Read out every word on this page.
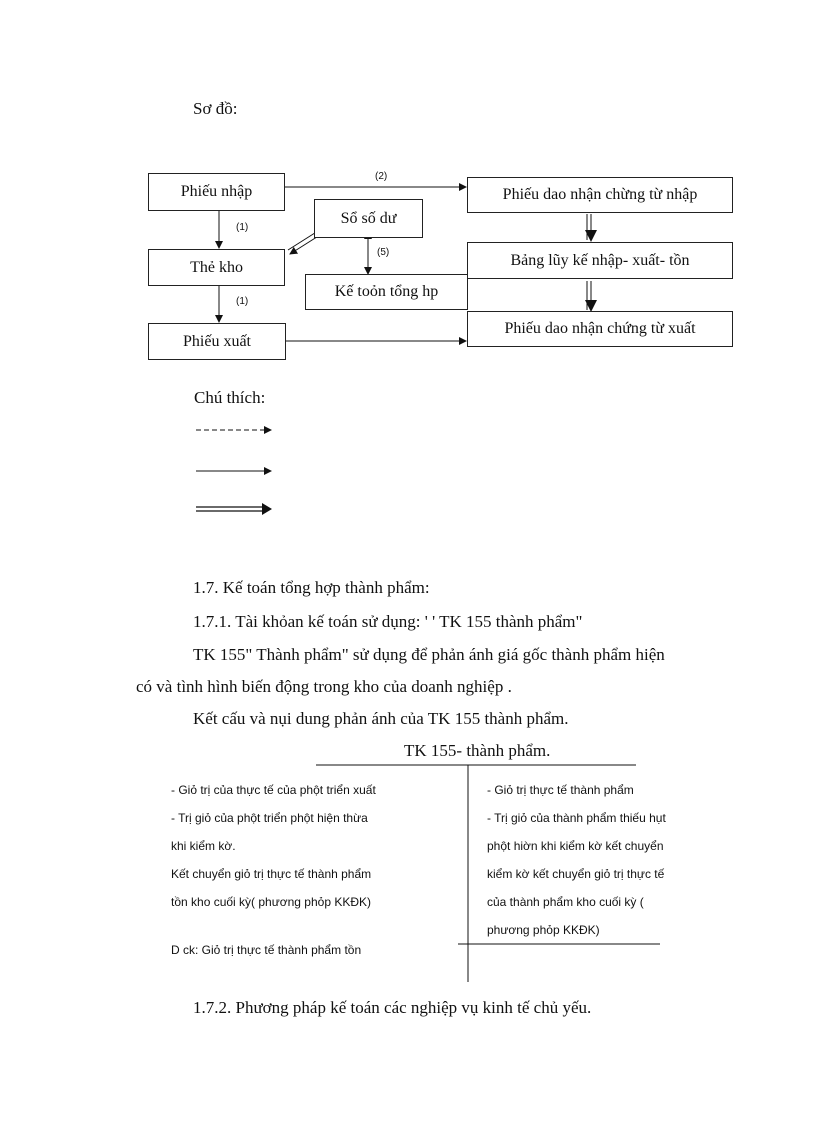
Sơ đồ:
Phiếu nhập
Thẻ kho
Phiếu xuất
Sổ số dư
Kế toỏn tổng hp
Phiếu dao nhận chừng từ nhập
Bảng lũy kế nhập- xuất- tồn
Phiếu dao nhận chứng từ xuất
(2)
(1)
(1)
(5)
Chú thích:
1.7. Kế toán tổng hợp thành phẩm:
1.7.1. Tài khỏan kế toán sử dụng: ' ' TK 155 thành phẩm"
TK 155" Thành phẩm" sử dụng để phản ánh giá gốc thành phẩm hiện
có và tình hình biến động trong kho của doanh nghiệp .
Kết cấu và nụi dung phản ánh của TK 155 thành phẩm.
TK 155- thành phẩm.
- Giỏ trị của thực tế của phột triển xuất
- Trị giỏ của phột triển phột hiện thừa
khi kiểm kờ.
Kết chuyển giỏ trị thực tế thành phẩm
tồn kho cuối kỳ( phương phỏp KKĐK)
- Giỏ trị thực tế thành phẩm
- Trị giỏ của thành phẩm thiếu hụt
phột hiờn khi kiểm kờ kết chuyển
kiểm kờ kết chuyển giỏ trị thực tế
của thành phẩm kho cuối kỳ (
phương phỏp KKĐK)
D ck: Giỏ trị thực tế thành phẩm tồn
1.7.2. Phương pháp kế toán các nghiệp vụ kinh tế chủ yếu.
